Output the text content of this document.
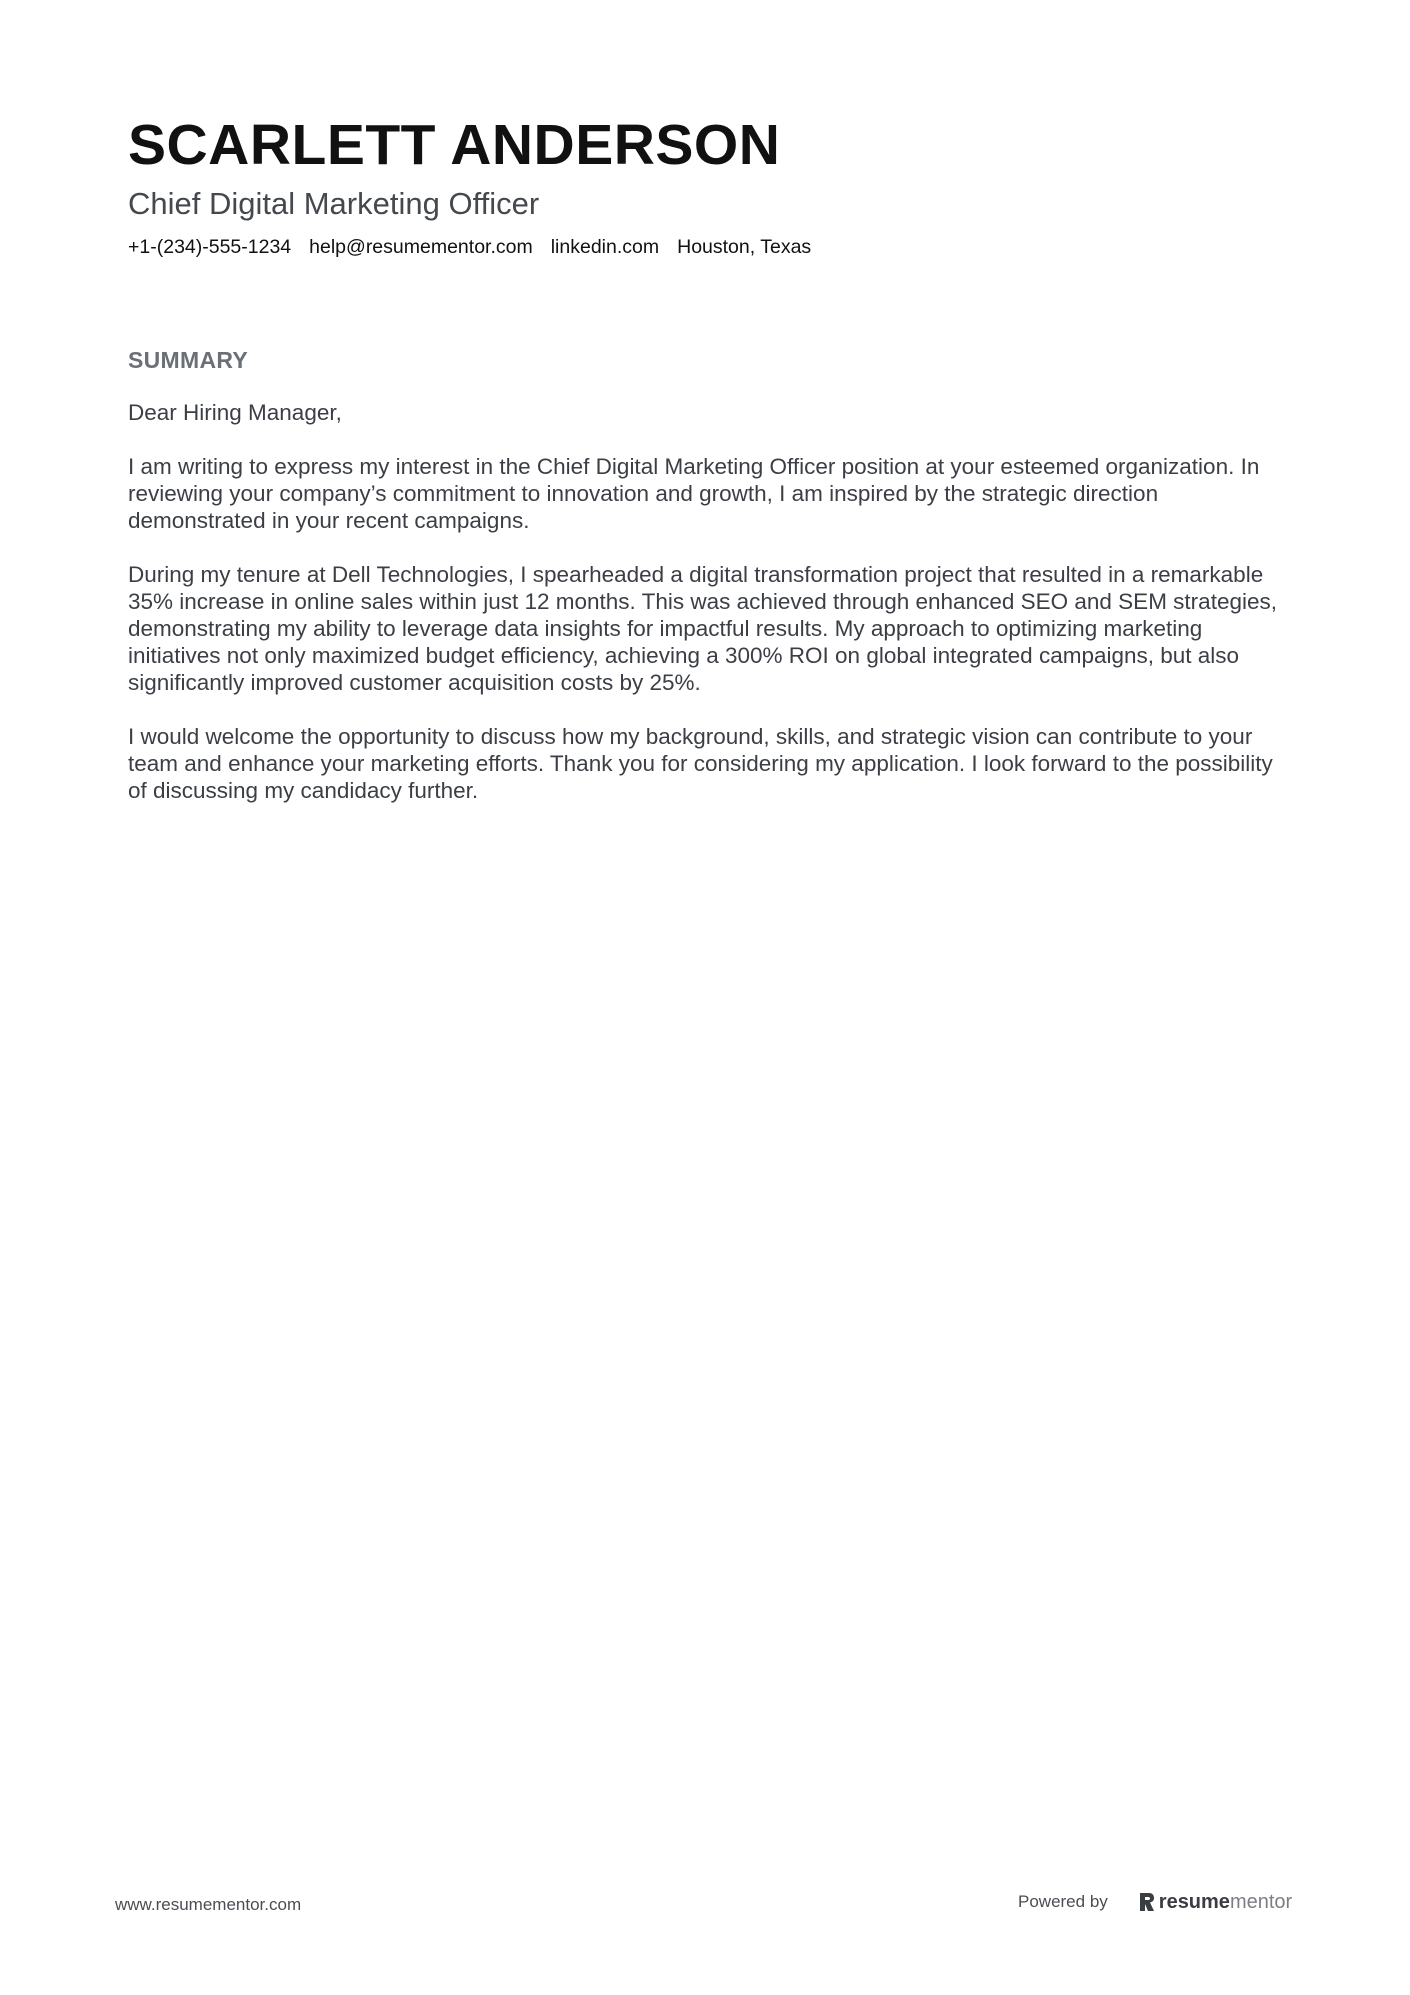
SCARLETT ANDERSON
Chief Digital Marketing Officer
+1-(234)-555-1234 help@resumementor.com linkedin.com Houston, Texas
SUMMARY

Dear Hiring Manager,

I am writing to express my interest in the Chief Digital Marketing Officer position at your esteemed organization. In reviewing your company’s commitment to innovation and growth, I am inspired by the strategic direction demonstrated in your recent campaigns.

During my tenure at Dell Technologies, I spearheaded a digital transformation project that resulted in a remarkable 35% increase in online sales within just 12 months. This was achieved through enhanced SEO and SEM strategies, demonstrating my ability to leverage data insights for impactful results. My approach to optimizing marketing initiatives not only maximized budget efficiency, achieving a 300% ROI on global integrated campaigns, but also significantly improved customer acquisition costs by 25%.

I would welcome the opportunity to discuss how my background, skills, and strategic vision can contribute to your team and enhance your marketing efforts. Thank you for considering my application. I look forward to the possibility of discussing my candidacy further.

www.resumementor.com	Powered by	resume mentor
